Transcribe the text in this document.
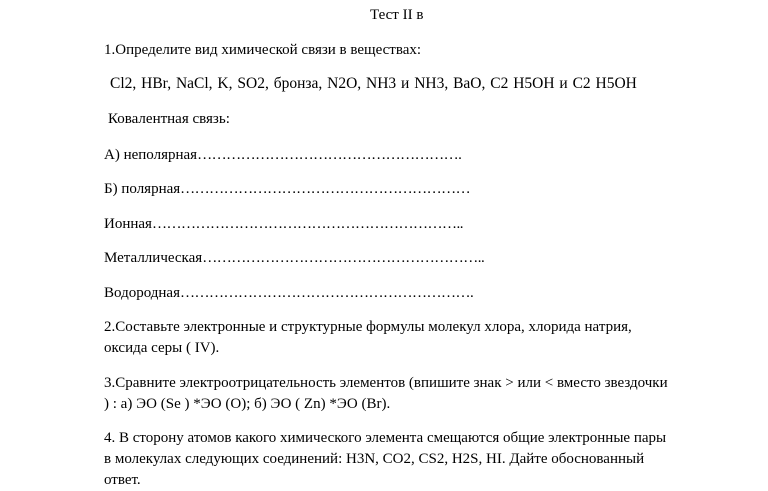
Тест II в
1.Определите вид химической связи в веществах:
Cl2, HBr, NaCl, K, SO2, бронза, N2O, NH3 и NH3, BaO, C2 H5OH и C2 H5OH
Ковалентная связь:
А) неполярная……………………………………………….
Б) полярная……………………………………………………
Ионная………………………………………………………..
Металлическая…………………………………………………..
Водородная…………………………………………………….
2.Составьте электронные и структурные формулы молекул хлора, хлорида натрия,
оксида серы ( IV).
3.Сравните электроотрицательность элементов (впишите знак > или < вместо звездочки
) : а) ЭО (Se ) *ЭО (O); б) ЭО ( Zn) *ЭО (Br).
4. В сторону атомов какого химического элемента смещаются общие электронные пары
в молекулах следующих соединений: H3N, CO2, CS2, H2S, HI. Дайте обоснованный
ответ.
